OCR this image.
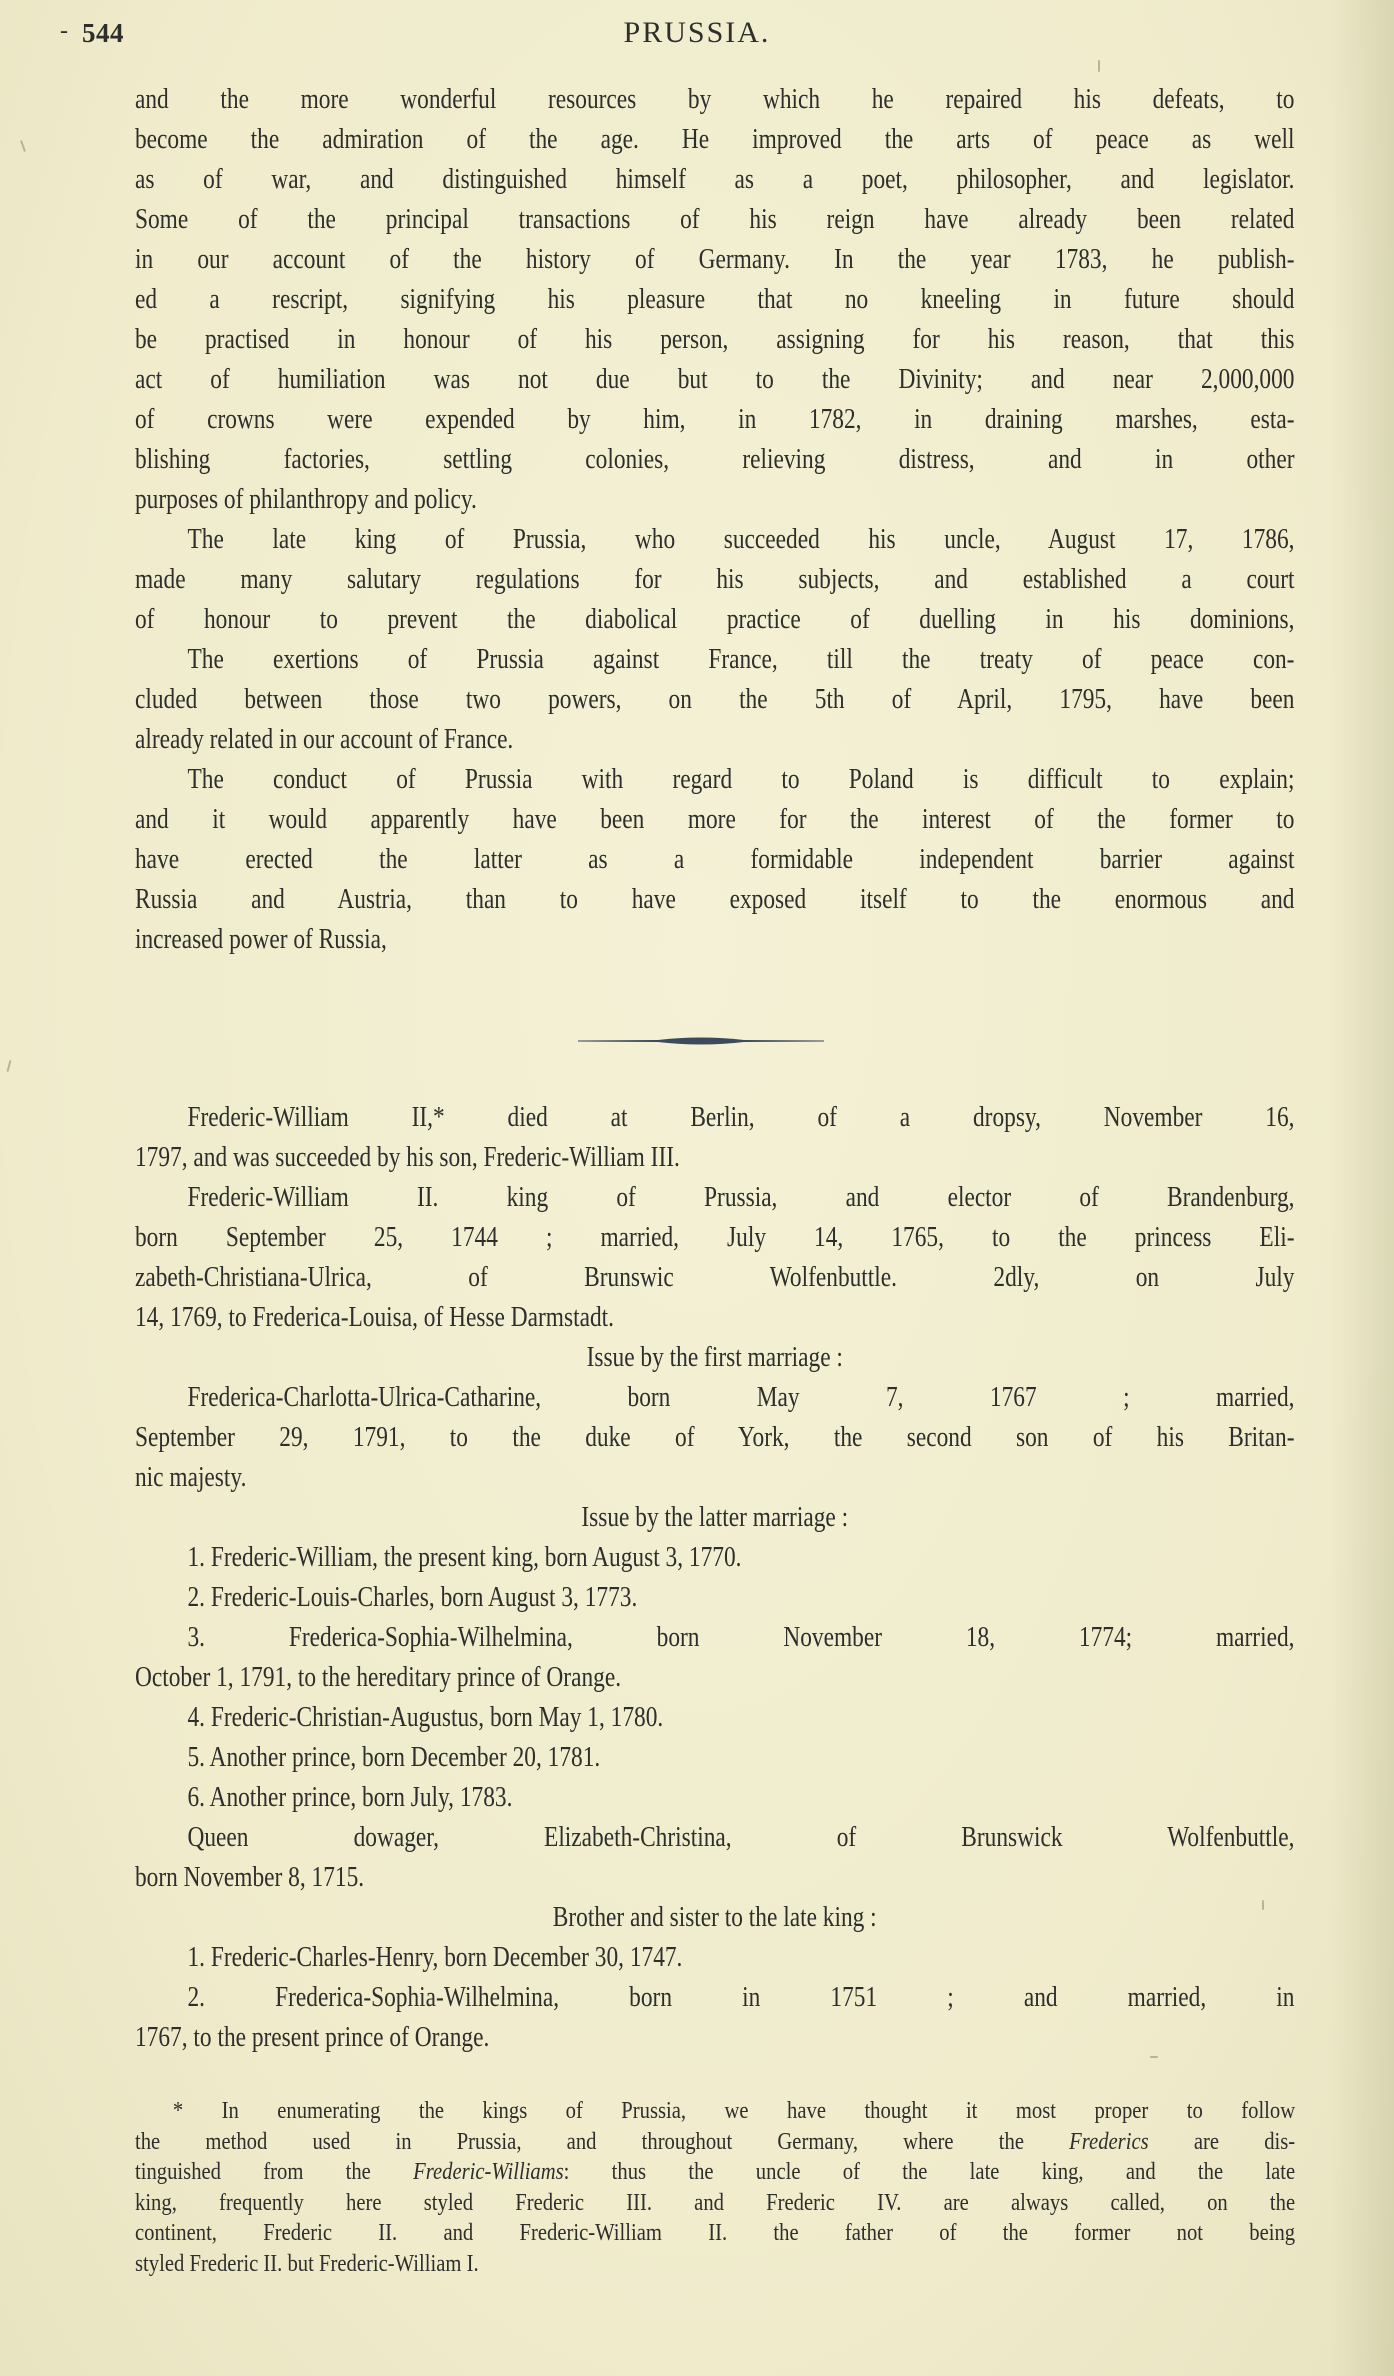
- 544	PRUSSIA.
and the more wonderful resources by which he repaired his defeats, to
become the admiration of the age. He improved the arts of peace as well
as of war, and distinguished himself as a poet, philosopher, and legislator.
Some of the principal transactions of his reign have already been related
in our account of the history of Germany. In the year 1783, he publish-
ed a rescript, signifying his pleasure that no kneeling in future should
be practised in honour of his person, assigning for his reason, that this
act of humiliation was not due but to the Divinity; and near 2,000,000
of crowns were expended by him, in 1782, in draining marshes, esta-
blishing factories, settling colonies, relieving distress, and in other
purposes of philanthropy and policy.
The late king of Prussia, who succeeded his uncle, August 17, 1786,
made many salutary regulations for his subjects, and established a court
of honour to prevent the diabolical practice of duelling in his dominions,
The exertions of Prussia against France, till the treaty of peace con-
cluded between those two powers, on the 5th of April, 1795, have been
already related in our account of France.
The conduct of Prussia with regard to Poland is difficult to explain;
and it would apparently have been more for the interest of the former to
have erected the latter as a formidable independent barrier against
Russia and Austria, than to have exposed itself to the enormous and
increased power of Russia,
Frederic-William II,* died at Berlin, of a dropsy, November 16,
1797, and was succeeded by his son, Frederic-William III.
Frederic-William II. king of Prussia, and elector of Brandenburg,
born September 25, 1744 ; married, July 14, 1765, to the princess Eli-
zabeth-Christiana-Ulrica, of Brunswic Wolfenbuttle. 2dly, on July
14, 1769, to Frederica-Louisa, of Hesse Darmstadt.
Issue by the first marriage :
Frederica-Charlotta-Ulrica-Catharine, born May 7, 1767 ; married,
September 29, 1791, to the duke of York, the second son of his Britan-
nic majesty.
Issue by the latter marriage :
1. Frederic-William, the present king, born August 3, 1770.
2. Frederic-Louis-Charles, born August 3, 1773.
3. Frederica-Sophia-Wilhelmina, born November 18, 1774; married,
October 1, 1791, to the hereditary prince of Orange.
4. Frederic-Christian-Augustus, born May 1, 1780.
5. Another prince, born December 20, 1781.
6. Another prince, born July, 1783.
Queen dowager, Elizabeth-Christina, of Brunswick Wolfenbuttle,
born November 8, 1715.
Brother and sister to the late king :
1. Frederic-Charles-Henry, born December 30, 1747.
2. Frederica-Sophia-Wilhelmina, born in 1751 ; and married, in
1767, to the present prince of Orange.
* In enumerating the kings of Prussia, we have thought it most proper to follow
the method used in Prussia, and throughout Germany, where the Frederics are dis-
tinguished from the Frederic-Williams: thus the uncle of the late king, and the late
king, frequently here styled Frederic III. and Frederic IV. are always called, on the
continent, Frederic II. and Frederic-William II. the father of the former not being
styled Frederic II. but Frederic-William I.
